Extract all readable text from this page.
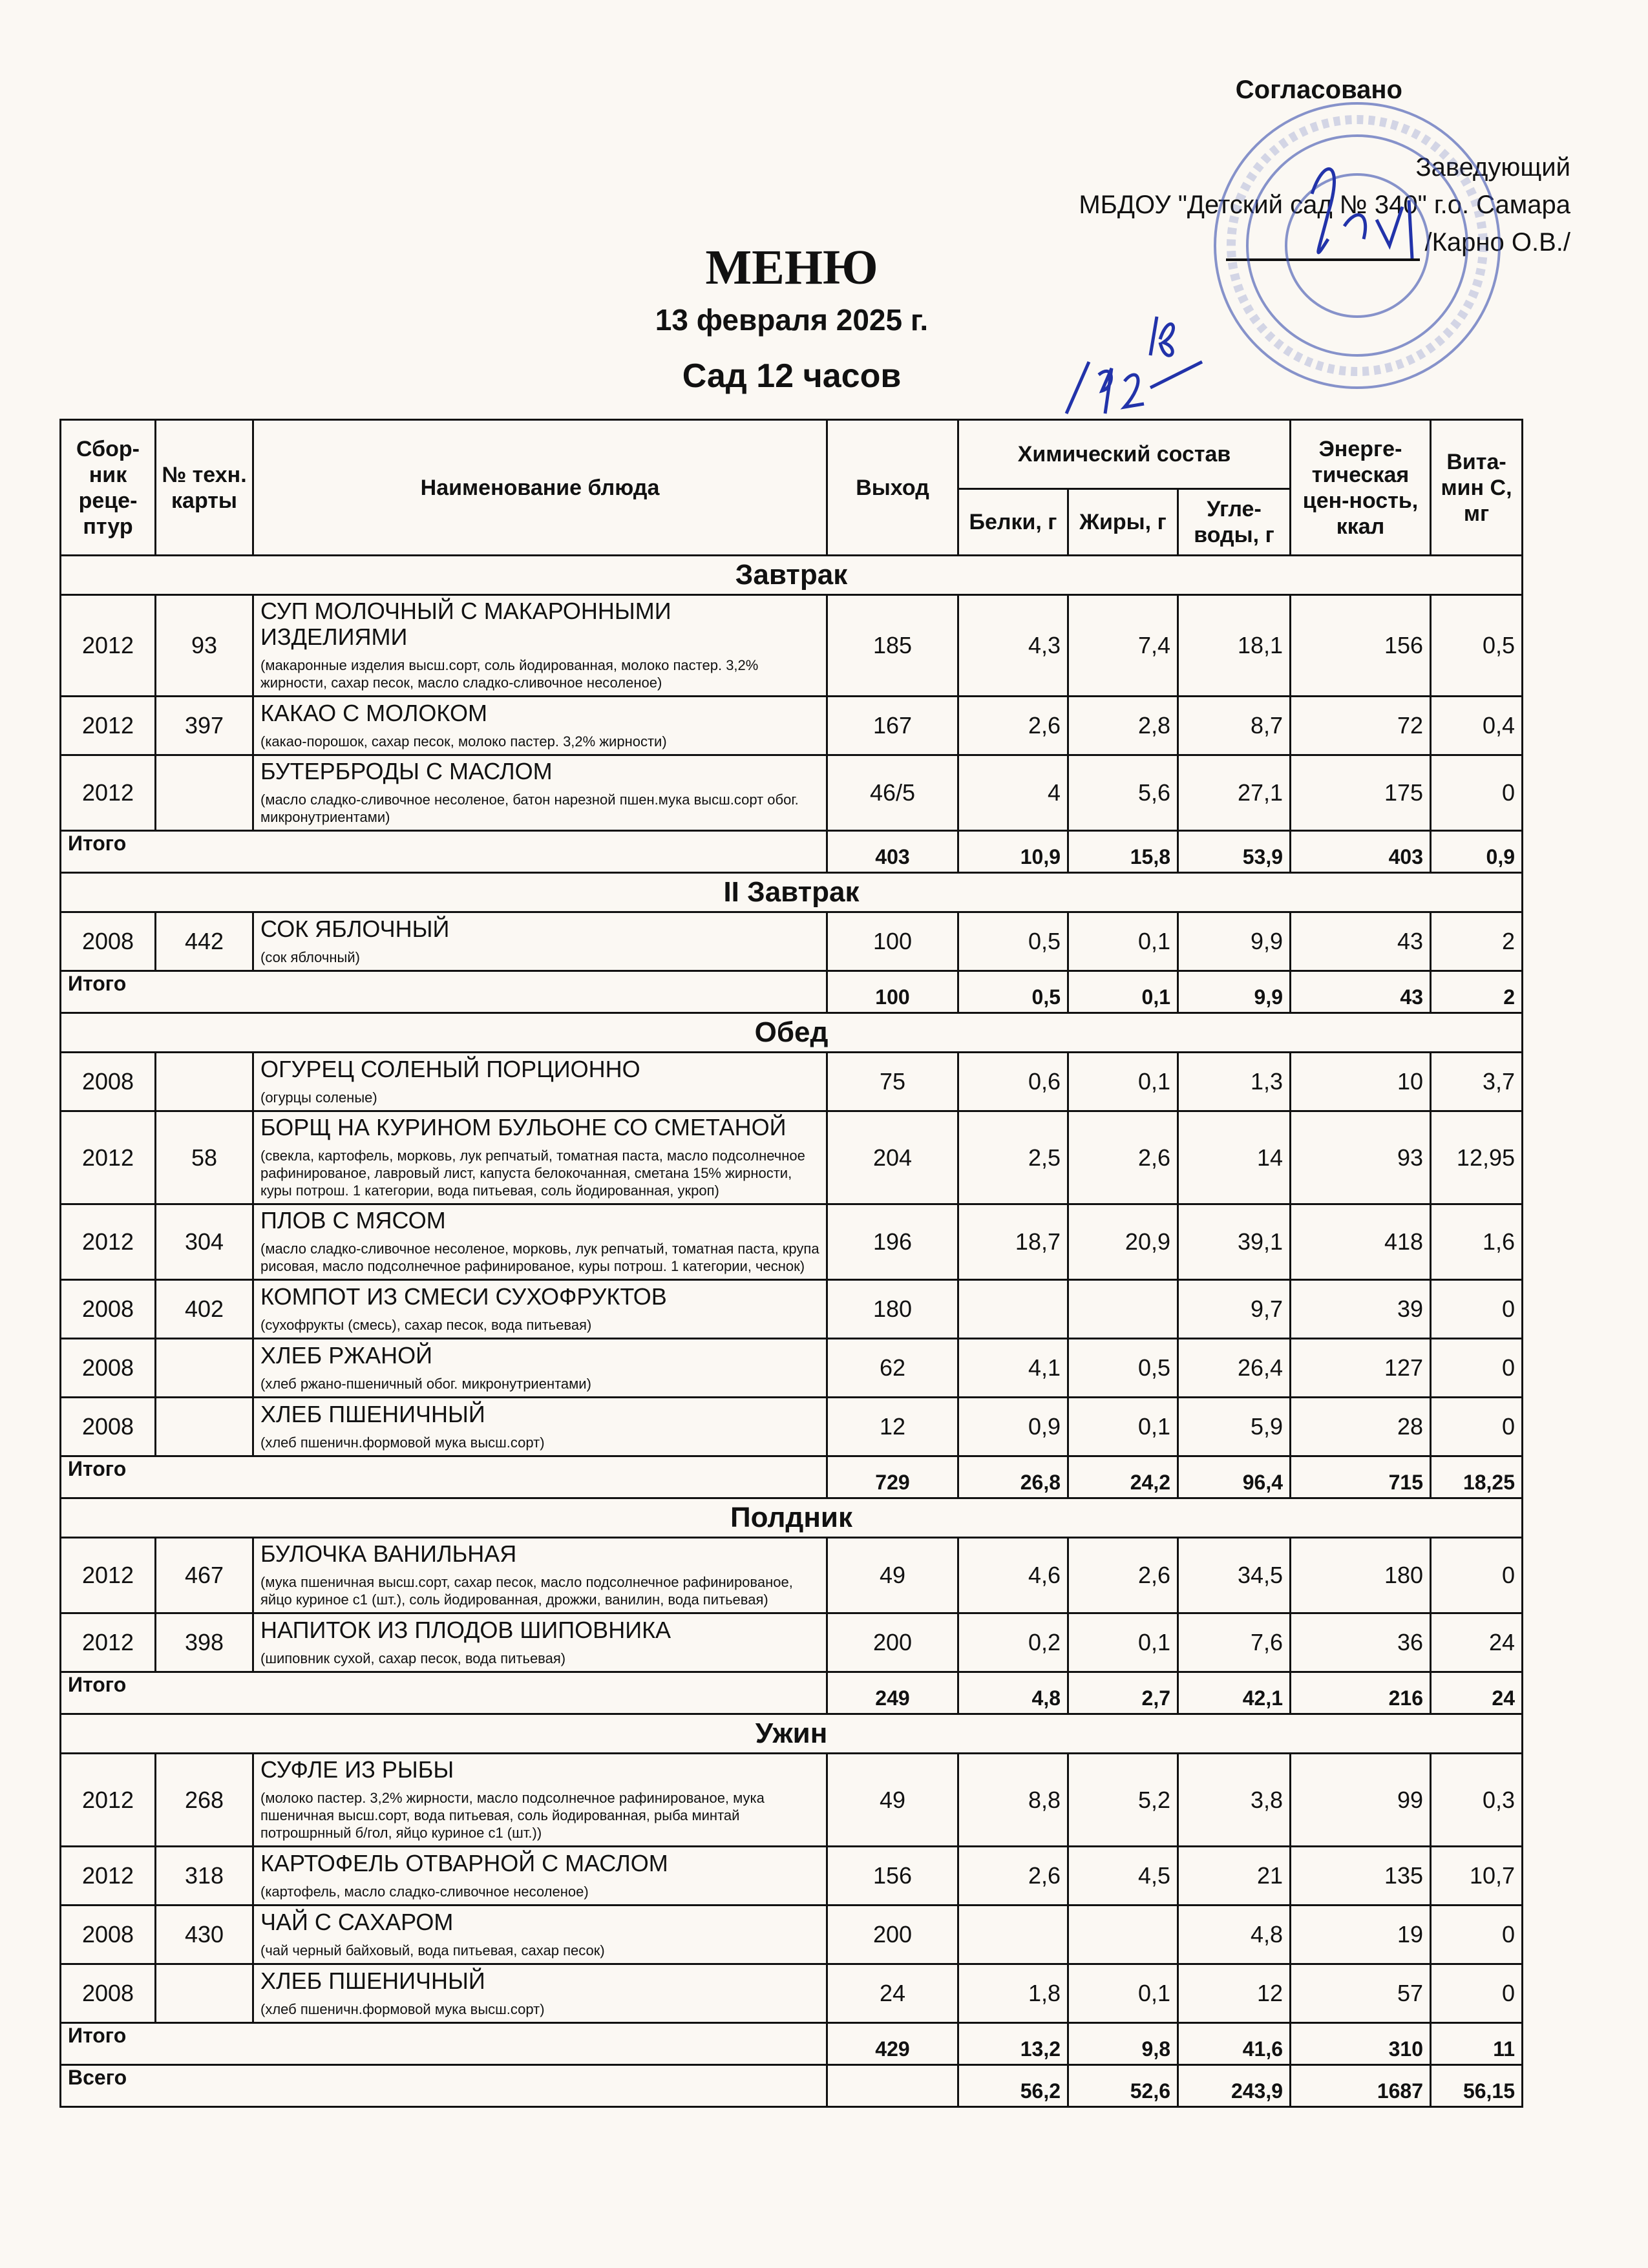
Согласовано
Заведующий
МБДОУ "Детский сад № 340" г.о. Самара
/Карно О.В./
МЕНЮ
13 февраля 2025 г.
Сад 12 часов
Сбор-ник реце-птур	№ техн. карты	Наименование блюда	Выход	Химический состав			Энерге-тическая цен-ность, ккал	Вита-мин С, мг
				Белки, г	Жиры, г	Угле-воды, г		
Завтрак								
2012	93	СУП МОЛОЧНЫЙ С МАКАРОННЫМИ ИЗДЕЛИЯМИ
(макаронные изделия высш.сорт, соль йодированная, молоко пастер. 3,2% жирности, сахар песок, масло сладко-сливочное несоленое)	185	4,3	7,4	18,1	156	0,5
2012	397	КАКАО С МОЛОКОМ
(какао-порошок, сахар песок, молоко пастер. 3,2% жирности)	167	2,6	2,8	8,7	72	0,4
2012		БУТЕРБРОДЫ С МАСЛОМ
(масло сладко-сливочное несоленое, батон нарезной пшен.мука высш.сорт обог. микронутриентами)	46/5	4	5,6	27,1	175	0
Итого			403	10,9	15,8	53,9	403	0,9
II Завтрак								
2008	442	СОК ЯБЛОЧНЫЙ
(сок яблочный)	100	0,5	0,1	9,9	43	2
Итого			100	0,5	0,1	9,9	43	2
Обед								
2008		ОГУРЕЦ СОЛЕНЫЙ ПОРЦИОННО
(огурцы соленые)	75	0,6	0,1	1,3	10	3,7
2012	58	БОРЩ НА КУРИНОМ БУЛЬОНЕ СО СМЕТАНОЙ
(свекла, картофель, морковь, лук репчатый, томатная паста, масло подсолнечное рафинированое, лавровый лист, капуста белокочанная, сметана 15% жирности, куры потрош. 1 категории, вода питьевая, соль йодированная, укроп)	204	2,5	2,6	14	93	12,95
2012	304	ПЛОВ С МЯСОМ
(масло сладко-сливочное несоленое, морковь, лук репчатый, томатная паста, крупа рисовая, масло подсолнечное рафинированое, куры потрош. 1 категории, чеснок)	196	18,7	20,9	39,1	418	1,6
2008	402	КОМПОТ ИЗ СМЕСИ СУХОФРУКТОВ
(сухофрукты (смесь), сахар песок, вода питьевая)	180			9,7	39	0
2008		ХЛЕБ РЖАНОЙ
(хлеб ржано-пшеничный обог. микронутриентами)	62	4,1	0,5	26,4	127	0
2008		ХЛЕБ ПШЕНИЧНЫЙ
(хлеб пшеничн.формовой мука высш.сорт)	12	0,9	0,1	5,9	28	0
Итого			729	26,8	24,2	96,4	715	18,25
Полдник								
2012	467	БУЛОЧКА ВАНИЛЬНАЯ
(мука пшеничная высш.сорт, сахар песок, масло подсолнечное рафинированое, яйцо куриное с1 (шт.), соль йодированная, дрожжи, ванилин, вода питьевая)	49	4,6	2,6	34,5	180	0
2012	398	НАПИТОК ИЗ ПЛОДОВ ШИПОВНИКА
(шиповник сухой, сахар песок, вода питьевая)	200	0,2	0,1	7,6	36	24
Итого			249	4,8	2,7	42,1	216	24
Ужин								
2012	268	СУФЛЕ ИЗ РЫБЫ
(молоко пастер. 3,2% жирности, масло подсолнечное рафинированое, мука пшеничная высш.сорт, вода питьевая, соль йодированная, рыба минтай потрошрнный б/гол, яйцо куриное с1 (шт.))	49	8,8	5,2	3,8	99	0,3
2012	318	КАРТОФЕЛЬ ОТВАРНОЙ С МАСЛОМ
(картофель, масло сладко-сливочное несоленое)	156	2,6	4,5	21	135	10,7
2008	430	ЧАЙ С САХАРОМ
(чай черный байховый, вода питьевая, сахар песок)	200			4,8	19	0
2008		ХЛЕБ ПШЕНИЧНЫЙ
(хлеб пшеничн.формовой мука высш.сорт)	24	1,8	0,1	12	57	0
Итого			429	13,2	9,8	41,6	310	11
Всего				56,2	52,6	243,9	1687	56,15
